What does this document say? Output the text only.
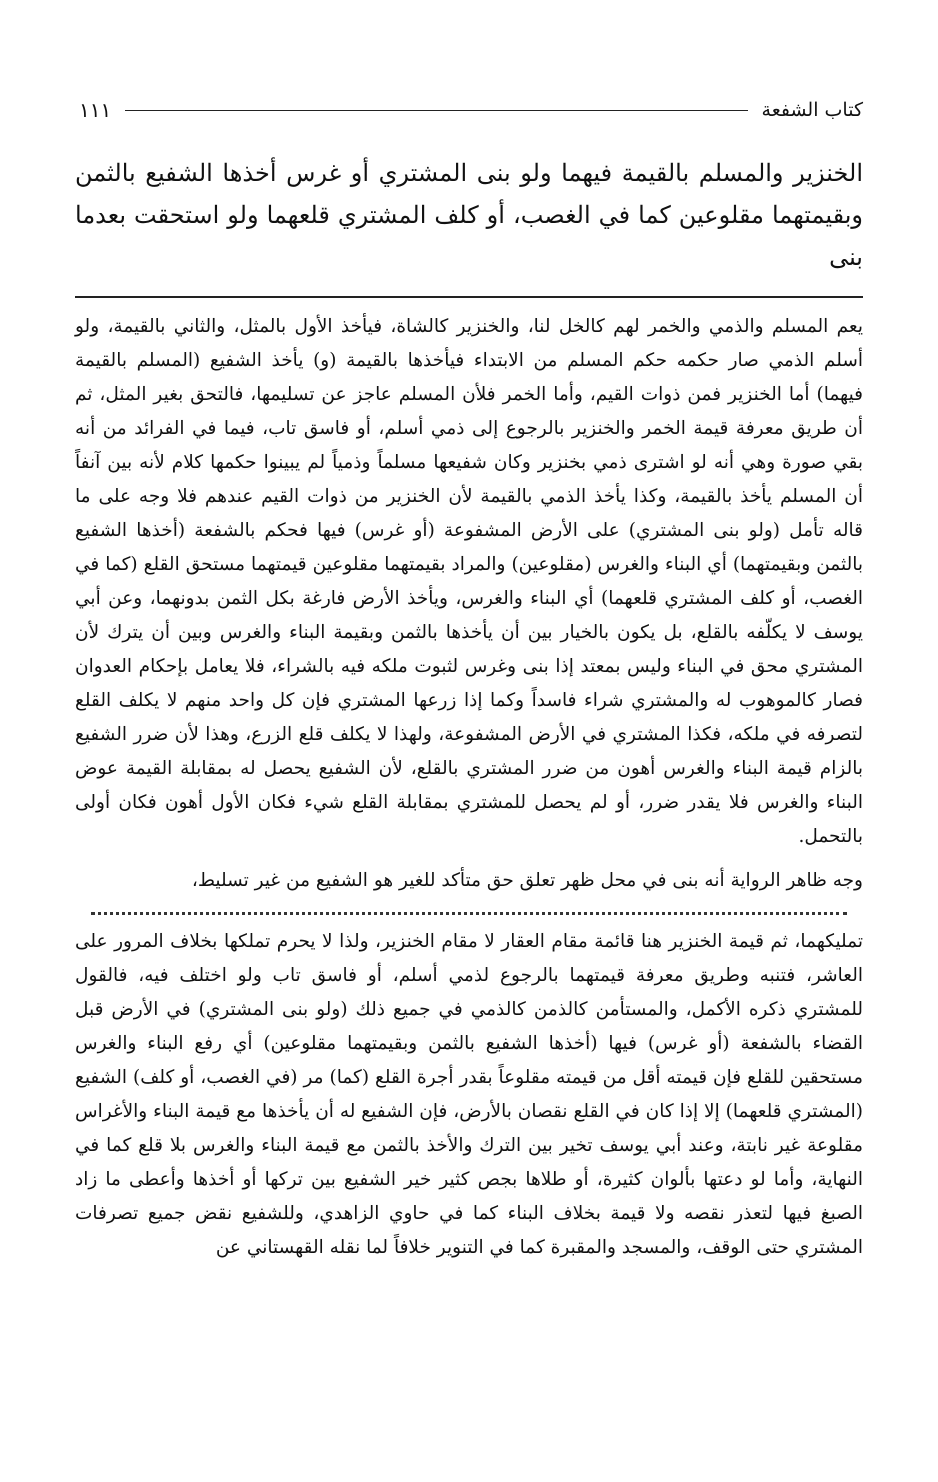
كتاب الشفعة
١١١
الخنزير والمسلم بالقيمة فيهما ولو بنى المشتري أو غرس أخذها الشفيع بالثمن وبقيمتهما مقلوعين كما في الغصب، أو كلف المشتري قلعهما ولو استحقت بعدما بنى

يعم المسلم والذمي والخمر لهم كالخل لنا، والخنزير كالشاة، فيأخذ الأول بالمثل، والثاني بالقيمة، ولو أسلم الذمي صار حكمه حكم المسلم من الابتداء فيأخذها بالقيمة (و) يأخذ الشفيع (المسلم بالقيمة فيهما) أما الخنزير فمن ذوات القيم، وأما الخمر فلأن المسلم عاجز عن تسليمها، فالتحق بغير المثل، ثم أن طريق معرفة قيمة الخمر والخنزير بالرجوع إلى ذمي أسلم، أو فاسق تاب، فيما في الفرائد من أنه بقي صورة وهي أنه لو اشترى ذمي بخنزير وكان شفيعها مسلماً وذمياً لم يبينوا حكمها كلام لأنه بين آنفاً أن المسلم يأخذ بالقيمة، وكذا يأخذ الذمي بالقيمة لأن الخنزير من ذوات القيم عندهم فلا وجه على ما قاله تأمل (ولو بنى المشتري) على الأرض المشفوعة (أو غرس) فيها فحكم بالشفعة (أخذها الشفيع بالثمن وبقيمتهما) أي البناء والغرس (مقلوعين) والمراد بقيمتهما مقلوعين قيمتهما مستحق القلع (كما في الغصب، أو كلف المشتري قلعهما) أي البناء والغرس، ويأخذ الأرض فارغة بكل الثمن بدونهما، وعن أبي يوسف لا يكلّفه بالقلع، بل يكون بالخيار بين أن يأخذها بالثمن وبقيمة البناء والغرس وبين أن يترك لأن المشتري محق في البناء وليس بمعتد إذا بنى وغرس لثبوت ملكه فيه بالشراء، فلا يعامل بإحكام العدوان فصار كالموهوب له والمشتري شراء فاسداً وكما إذا زرعها المشتري فإن كل واحد منهم لا يكلف القلع لتصرفه في ملكه، فكذا المشتري في الأرض المشفوعة، ولهذا لا يكلف قلع الزرع، وهذا لأن ضرر الشفيع بالزام قيمة البناء والغرس أهون من ضرر المشتري بالقلع، لأن الشفيع يحصل له بمقابلة القيمة عوض البناء والغرس فلا يقدر ضرر، أو لم يحصل للمشتري بمقابلة القلع شيء فكان الأول أهون فكان أولى بالتحمل.

وجه ظاهر الرواية أنه بنى في محل ظهر تعلق حق متأكد للغير هو الشفيع من غير تسليط،

تمليكهما، ثم قيمة الخنزير هنا قائمة مقام العقار لا مقام الخنزير، ولذا لا يحرم تملكها بخلاف المرور على العاشر، فتنبه وطريق معرفة قيمتهما بالرجوع لذمي أسلم، أو فاسق تاب ولو اختلف فيه، فالقول للمشتري ذكره الأكمل، والمستأمن كالذمن كالذمي في جميع ذلك (ولو بنى المشتري) في الأرض قبل القضاء بالشفعة (أو غرس) فيها (أخذها الشفيع بالثمن وبقيمتهما مقلوعين) أي رفع البناء والغرس مستحقين للقلع فإن قيمته أقل من قيمته مقلوعاً بقدر أجرة القلع (كما) مر (في الغصب، أو كلف) الشفيع (المشتري قلعهما) إلا إذا كان في القلع نقصان بالأرض، فإن الشفيع له أن يأخذها مع قيمة البناء والأغراس مقلوعة غير نابتة، وعند أبي يوسف تخير بين الترك والأخذ بالثمن مع قيمة البناء والغرس بلا قلع كما في النهاية، وأما لو دعتها بألوان كثيرة، أو طلاها بجص كثير خير الشفيع بين تركها أو أخذها وأعطى ما زاد الصبغ فيها لتعذر نقصه ولا قيمة بخلاف البناء كما في حاوي الزاهدي، وللشفيع نقض جميع تصرفات المشتري حتى الوقف، والمسجد والمقبرة كما في التنوير خلافاً لما نقله القهستاني عن
